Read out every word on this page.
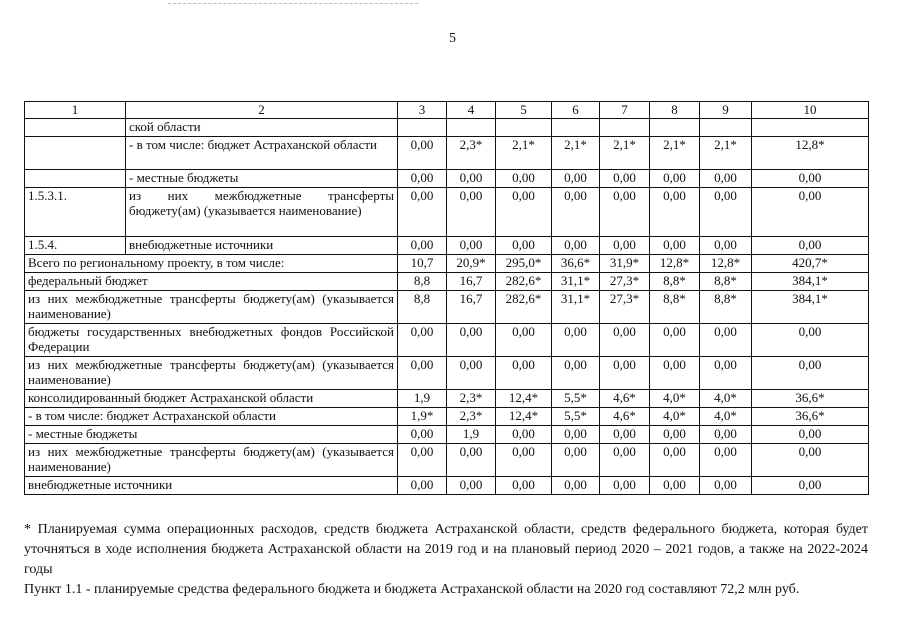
5
1	2	3	4	5	6	7	8	9	10
	ской области								
	- в том числе: бюджет Астраханской области	0,00	2,3*	2,1*	2,1*	2,1*	2,1*	2,1*	12,8*
	- местные бюджеты	0,00	0,00	0,00	0,00	0,00	0,00	0,00	0,00
1.5.3.1.	из них межбюджетные трансферты бюджету(ам) (указывается наименование)	0,00	0,00	0,00	0,00	0,00	0,00	0,00	0,00
1.5.4.	внебюджетные источники	0,00	0,00	0,00	0,00	0,00	0,00	0,00	0,00
Всего по региональному проекту, в том числе:		10,7	20,9*	295,0*	36,6*	31,9*	12,8*	12,8*	420,7*
федеральный бюджет		8,8	16,7	282,6*	31,1*	27,3*	8,8*	8,8*	384,1*
из них межбюджетные трансферты бюджету(ам) (указывается наименование)		8,8	16,7	282,6*	31,1*	27,3*	8,8*	8,8*	384,1*
бюджеты государственных внебюджетных фондов Российской Федерации		0,00	0,00	0,00	0,00	0,00	0,00	0,00	0,00
из них межбюджетные трансферты бюджету(ам) (указывается наименование)		0,00	0,00	0,00	0,00	0,00	0,00	0,00	0,00
консолидированный бюджет Астраханской области		1,9	2,3*	12,4*	5,5*	4,6*	4,0*	4,0*	36,6*
- в том числе: бюджет Астраханской области		1,9*	2,3*	12,4*	5,5*	4,6*	4,0*	4,0*	36,6*
- местные бюджеты		0,00	1,9	0,00	0,00	0,00	0,00	0,00	0,00
из них межбюджетные трансферты бюджету(ам) (указывается наименование)		0,00	0,00	0,00	0,00	0,00	0,00	0,00	0,00
внебюджетные источники		0,00	0,00	0,00	0,00	0,00	0,00	0,00	0,00

* Планируемая сумма операционных расходов, средств бюджета Астраханской области, средств федерального бюджета, которая будет уточняться в ходе исполнения бюджета Астраханской области на 2019 год и на плановый период 2020 – 2021 годов, а также на 2022-2024 годы

Пункт 1.1 - планируемые средства федерального бюджета и бюджета Астраханской области на 2020 год составляют 72,2 млн руб.
